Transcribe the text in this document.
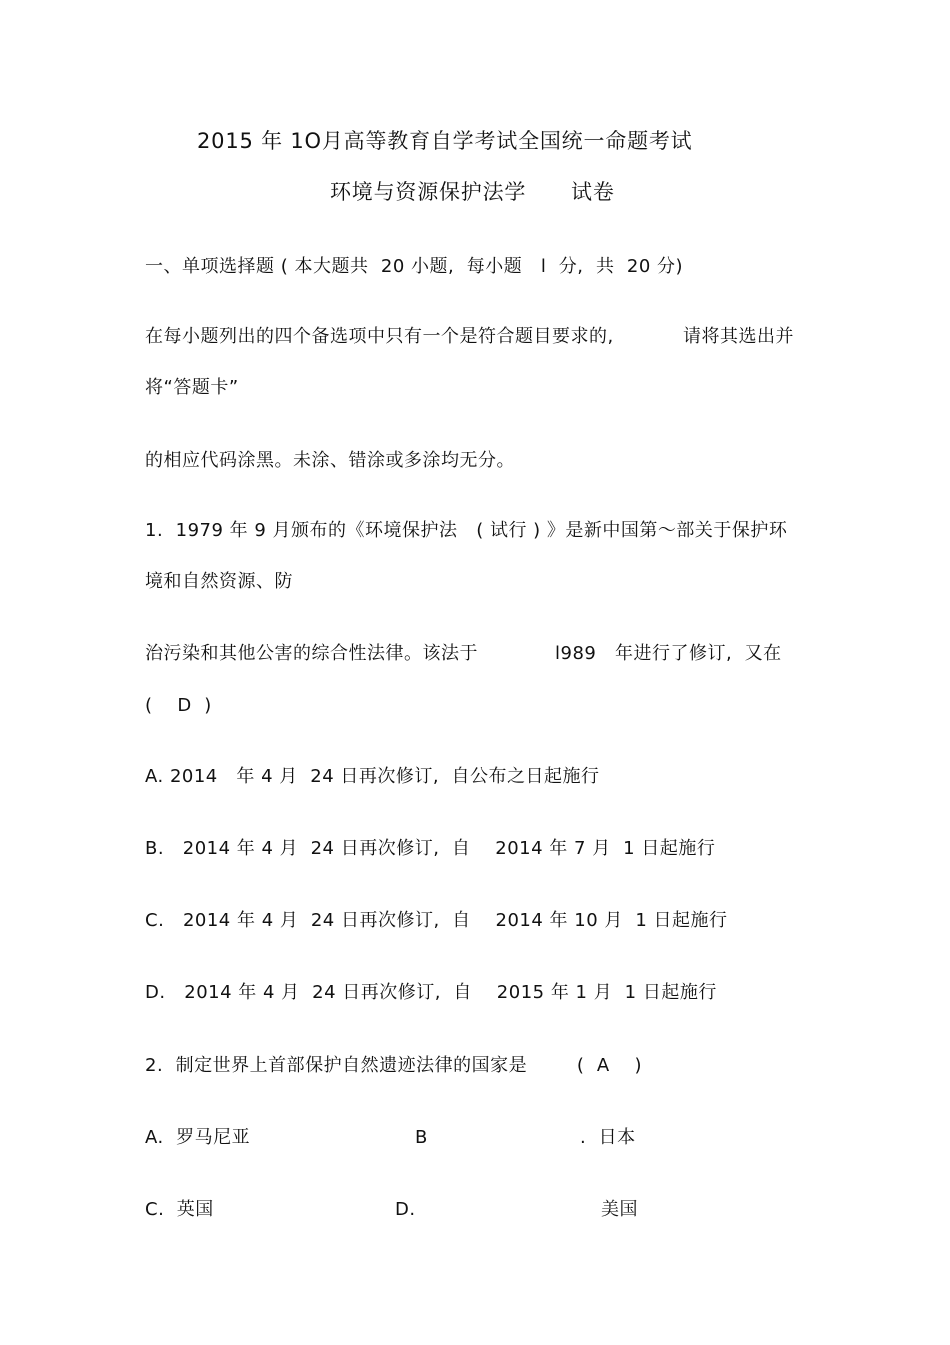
2015 年 1O月高等教育自学考试全国统一命题考试
环境与资源保护法学      试卷
一、单项选择题 ( 本大题共  20 小题,  每小题   l  分,  共  20 分)
在每小题列出的四个备选项中只有一个是符合题目要求的,	请将其选出并
将“答题卡”
的相应代码涂黑。未涂、错涂或多涂均无分。
1.  1979 年 9 月颁布的《环境保护法   ( 试行 ) 》是新中国第～部关于保护环
境和自然资源、防
治污染和其他公害的综合性法律。该法于	l989   年进行了修订,  又在
(    D  )
A. 2014   年 4 月  24 日再次修订,  自公布之日起施行
B.   2014 年 4 月  24 日再次修订,  自    2014 年 7 月  1 日起施行
C.   2014 年 4 月  24 日再次修订,  自    2014 年 10 月  1 日起施行
D.   2014 年 4 月  24 日再次修订,  自    2015 年 1 月  1 日起施行
2.  制定世界上首部保护自然遗迹法律的国家是        (  A    )
A.  罗马尼亚	B	.  日本
C.  英国	D.	美国
